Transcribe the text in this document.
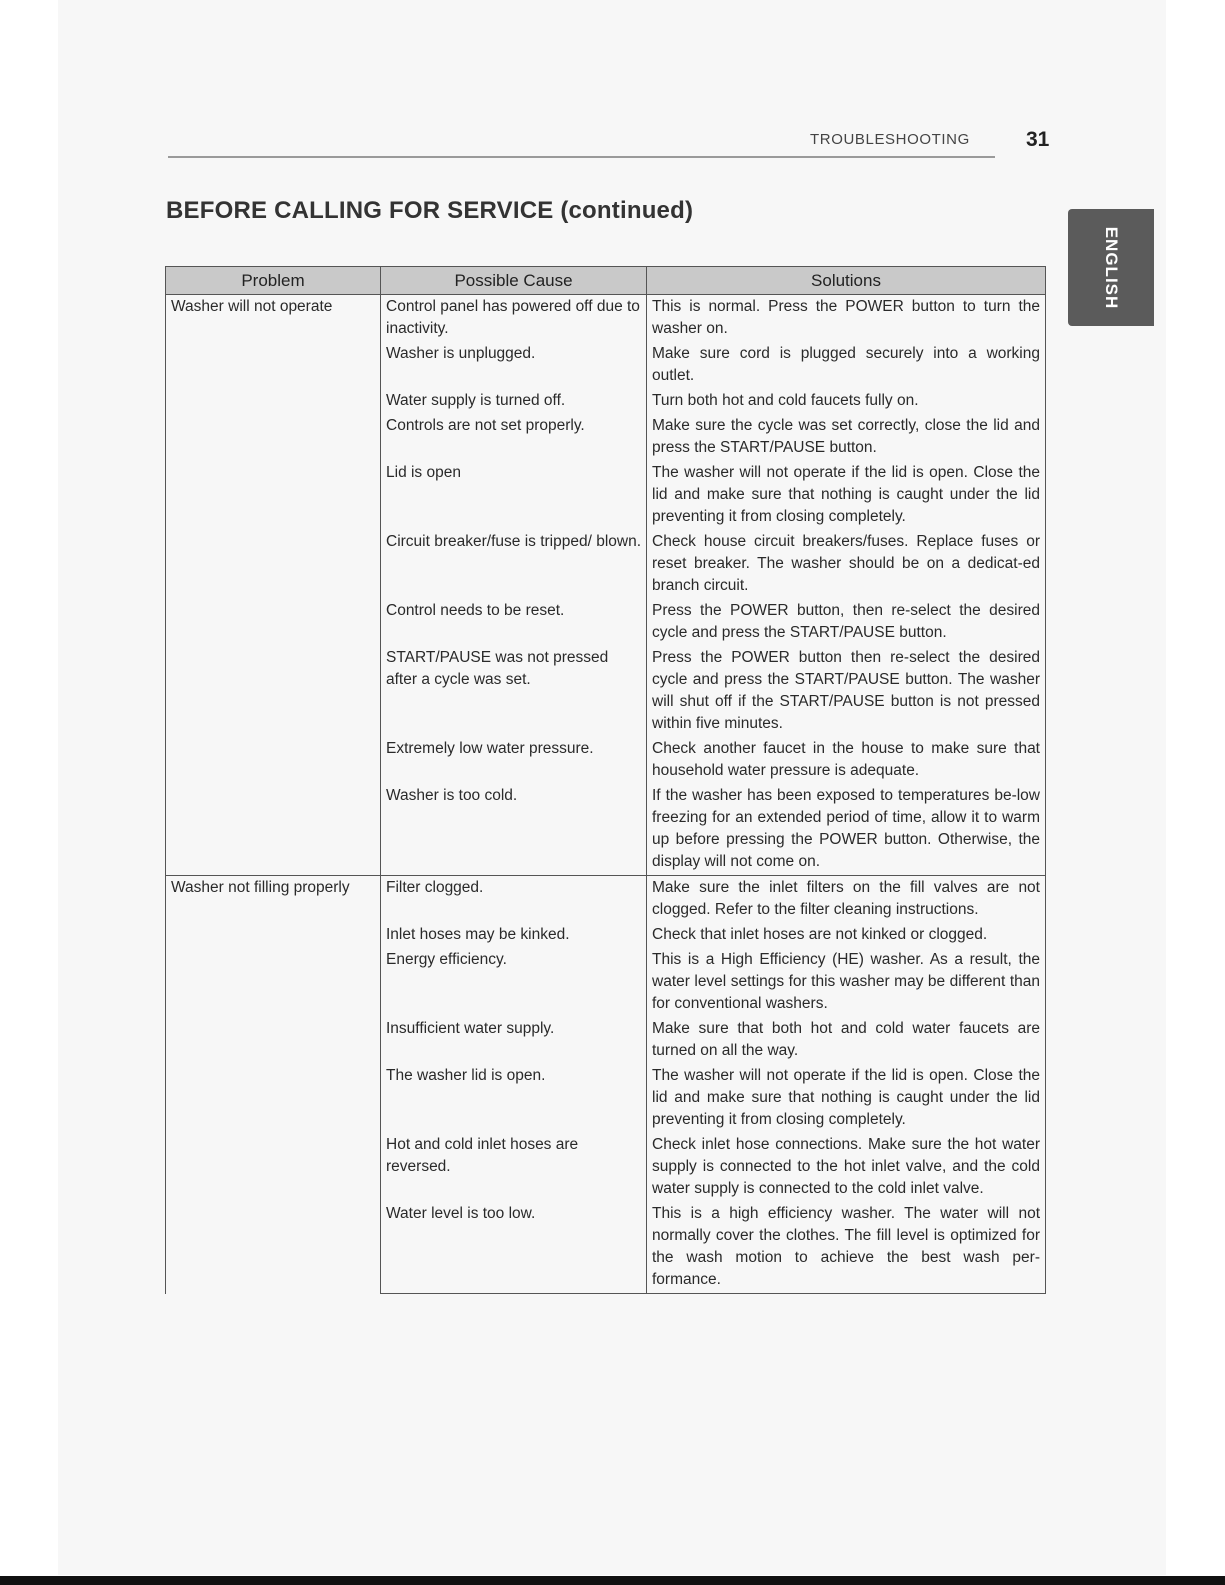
TROUBLESHOOTING	31
ENGLISH
BEFORE CALLING FOR SERVICE (continued)
Problem	Possible Cause	Solutions
Washer will not operate	Control panel has powered off due to inactivity.	This is normal. Press the POWER button to turn the washer on.
	Washer is unplugged.	Make sure cord is plugged securely into a working outlet.
	Water supply is turned off.	Turn both hot and cold faucets fully on.
	Controls are not set properly.	Make sure the cycle was set correctly, close the lid and press the START/PAUSE button.
	Lid is open	The washer will not operate if the lid is open. Close the lid and make sure that nothing is caught under the lid preventing it from closing completely.
	Circuit breaker/fuse is tripped/ blown.	Check house circuit breakers/fuses. Replace fuses or reset breaker. The washer should be on a dedicat-ed branch circuit.
	Control needs to be reset.	Press the POWER button, then re-select the desired cycle and press the START/PAUSE button.
	START/PAUSE was not pressed after a cycle was set.	Press the POWER button then re-select the desired cycle and press the START/PAUSE button. The washer will shut off if the START/PAUSE button is not pressed within five minutes.
	Extremely low water pressure.	Check another faucet in the house to make sure that household water pressure is adequate.
	Washer is too cold.	If the washer has been exposed to temperatures be-low freezing for an extended period of time, allow it to warm up before pressing the POWER button. Otherwise, the display will not come on.
Washer not filling properly	Filter clogged.	Make sure the inlet filters on the fill valves are not clogged. Refer to the filter cleaning instructions.
	Inlet hoses may be kinked.	Check that inlet hoses are not kinked or clogged.
	Energy efficiency.	This is a High Efficiency (HE) washer. As a result, the water level settings for this washer may be different than for conventional washers.
	Insufficient water supply.	Make sure that both hot and cold water faucets are turned on all the way.
	The washer lid is open.	The washer will not operate if the lid is open. Close the lid and make sure that nothing is caught under the lid preventing it from closing completely.
	Hot and cold inlet hoses are reversed.	Check inlet hose connections. Make sure the hot water supply is connected to the hot inlet valve, and the cold water supply is connected to the cold inlet valve.
	Water level is too low.	This is a high efficiency washer. The water will not normally cover the clothes. The fill level is optimized for the wash motion to achieve the best wash per-formance.
